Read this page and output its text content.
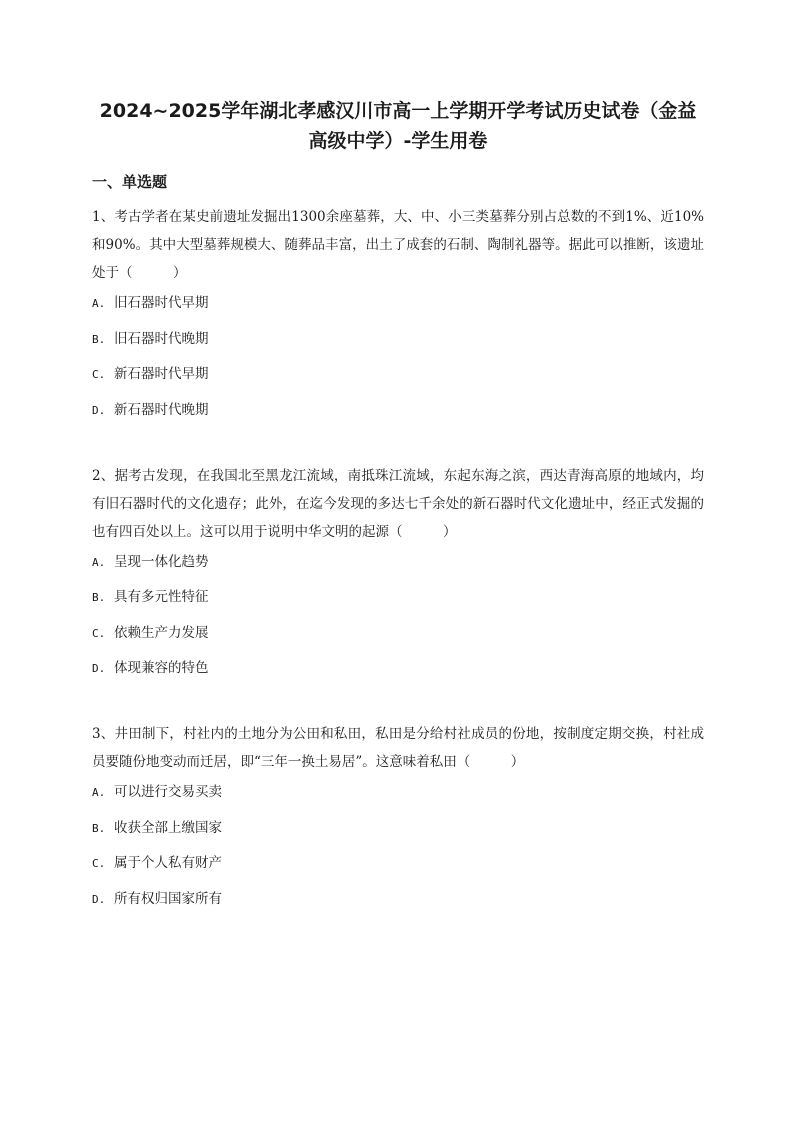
2024~2025学年湖北孝感汉川市高一上学期开学考试历史试卷（金益高级中学）-学生用卷
一、单选题

1、考古学者在某史前遗址发掘出1300余座墓葬，大、中、小三类墓葬分别占总数的不到1%、近10%和90%。其中大型墓葬规模大、随葬品丰富，出土了成套的石制、陶制礼器等。据此可以推断，该遗址处于（　　　）

A. 旧石器时代早期
B. 旧石器时代晚期
C. 新石器时代早期
D. 新石器时代晚期

2、据考古发现，在我国北至黑龙江流域，南抵珠江流域，东起东海之滨，西达青海高原的地域内，均有旧石器时代的文化遗存；此外，在迄今发现的多达七千余处的新石器时代文化遗址中，经正式发掘的也有四百处以上。这可以用于说明中华文明的起源（　　　）

A. 呈现一体化趋势
B. 具有多元性特征
C. 依赖生产力发展
D. 体现兼容的特色

3、井田制下，村社内的土地分为公田和私田，私田是分给村社成员的份地，按制度定期交换，村社成员要随份地变动而迁居，即“三年一换土易居”。这意味着私田（　　　）

A. 可以进行交易买卖
B. 收获全部上缴国家
C. 属于个人私有财产
D. 所有权归国家所有
